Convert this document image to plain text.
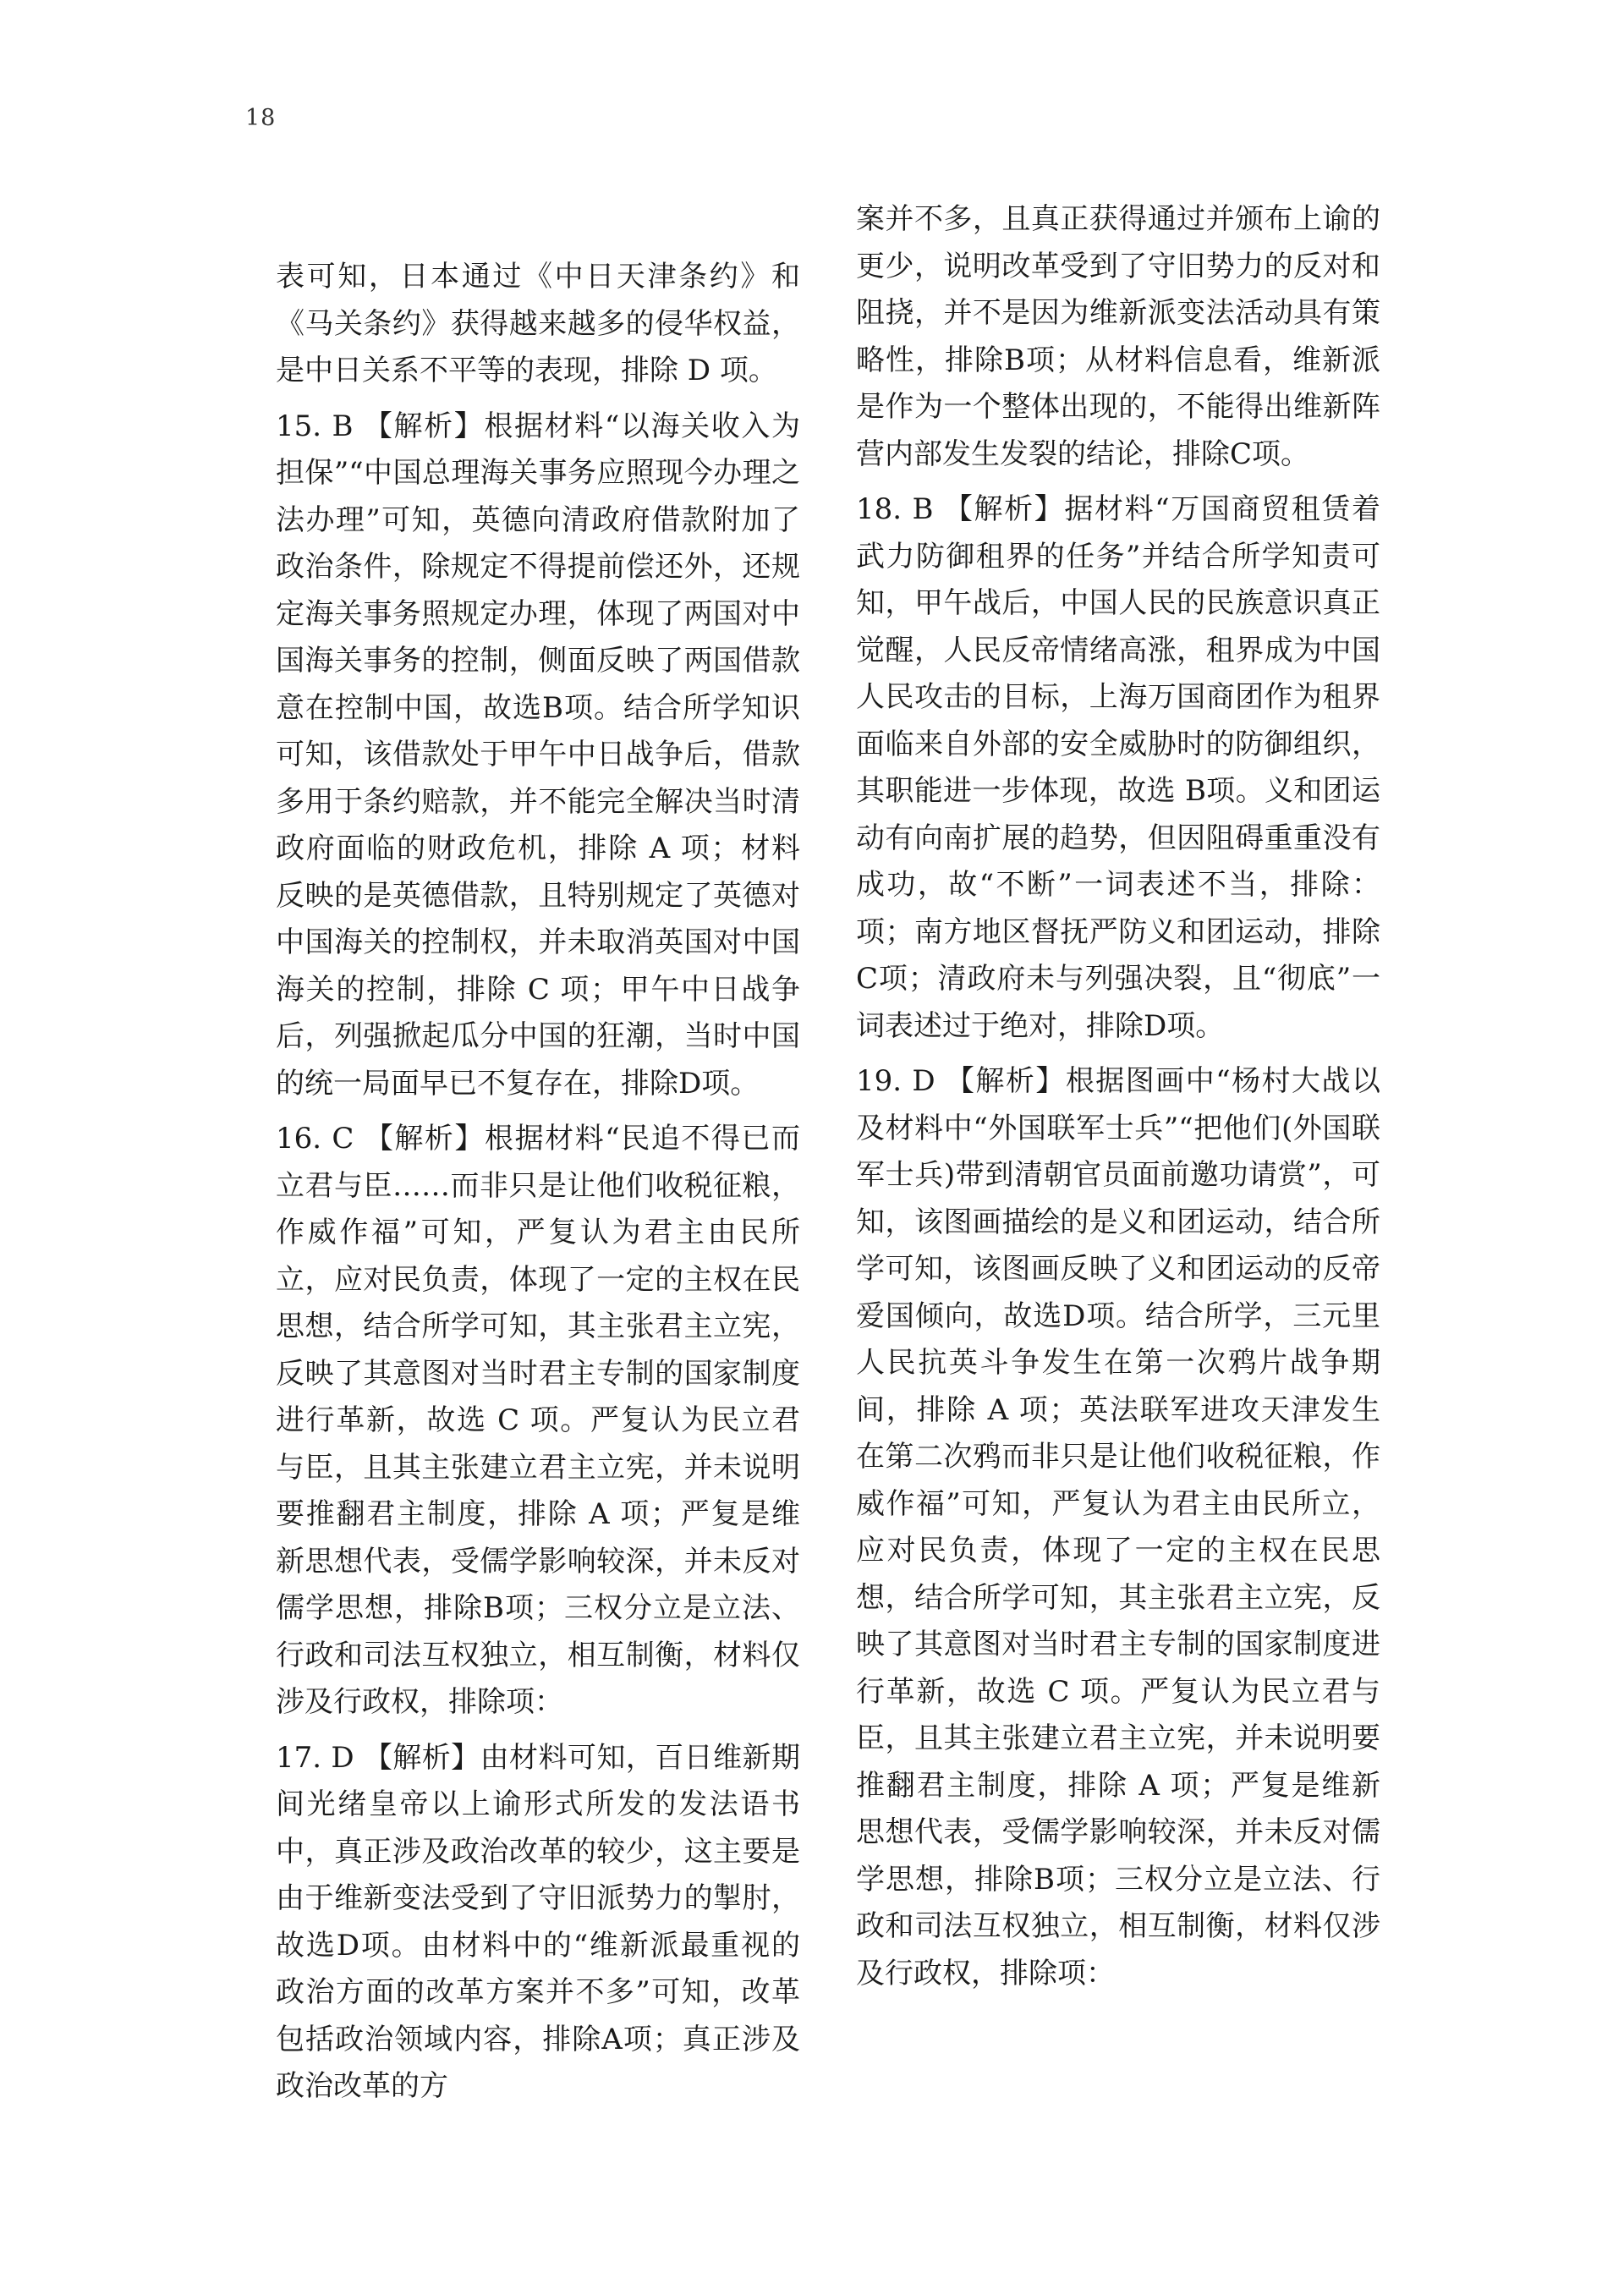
18

表可知，日本通过《中日天津条约》和《马关条约》获得越来越多的侵华权益，是中日关系不平等的表现，排除 D 项。

15. B 【解析】根据材料“以海关收入为担保”“中国总理海关事务应照现今办理之法办理”可知，英德向清政府借款附加了政治条件，除规定不得提前偿还外，还规定海关事务照规定办理，体现了两国对中国海关事务的控制，侧面反映了两国借款意在控制中国，故选B项。结合所学知识可知，该借款处于甲午中日战争后，借款多用于条约赔款，并不能完全解决当时清政府面临的财政危机，排除 A 项；材料反映的是英德借款，且特别规定了英德对中国海关的控制权，并未取消英国对中国海关的控制，排除 C 项；甲午中日战争后，列强掀起瓜分中国的狂潮，当时中国的统一局面早已不复存在，排除D项。

16. C 【解析】根据材料“民追不得已而立君与臣……而非只是让他们收税征粮，作威作福”可知，严复认为君主由民所立，应对民负责，体现了一定的主权在民思想，结合所学可知，其主张君主立宪，反映了其意图对当时君主专制的国家制度进行革新，故选 C 项。严复认为民立君与臣，且其主张建立君主立宪，并未说明要推翻君主制度，排除 A 项；严复是维新思想代表，受儒学影响较深，并未反对儒学思想，排除B项；三权分立是立法、行政和司法互权独立，相互制衡，材料仅涉及行政权，排除项：

17. D 【解析】由材料可知，百日维新期间光绪皇帝以上谕形式所发的发法语书中，真正涉及政治改革的较少，这主要是由于维新变法受到了守旧派势力的掣肘，故选D项。由材料中的“维新派最重视的政治方面的改革方案并不多”可知，改革包括政治领域内容，排除A项；真正涉及政治改革的方

案并不多，且真正获得通过并颁布上谕的更少，说明改革受到了守旧势力的反对和阻挠，并不是因为维新派变法活动具有策略性，排除B项；从材料信息看，维新派是作为一个整体出现的，不能得出维新阵营内部发生发裂的结论，排除C项。

18. B 【解析】据材料“万国商贸租赁着武力防御租界的任务”并结合所学知责可知，甲午战后，中国人民的民族意识真正觉醒，人民反帝情绪高涨，租界成为中国人民攻击的目标，上海万国商团作为租界面临来自外部的安全威胁时的防御组织，其职能进一步体现，故选 B项。义和团运动有向南扩展的趋势，但因阻碍重重没有成功，故“不断”一词表述不当，排除：项；南方地区督抚严防义和团运动，排除C项；清政府未与列强决裂，且“彻底”一词表述过于绝对，排除D项。

19. D 【解析】根据图画中“杨村大战以及材料中“外国联军士兵”“把他们(外国联军士兵)带到清朝官员面前邀功请赏”，可知，该图画描绘的是义和团运动，结合所学可知，该图画反映了义和团运动的反帝爱国倾向，故选D项。结合所学，三元里人民抗英斗争发生在第一次鸦片战争期间，排除 A 项；英法联军进攻天津发生在第二次鸦而非只是让他们收税征粮，作威作福”可知，严复认为君主由民所立，应对民负责，体现了一定的主权在民思想，结合所学可知，其主张君主立宪，反映了其意图对当时君主专制的国家制度进行革新，故选 C 项。严复认为民立君与臣，且其主张建立君主立宪，并未说明要推翻君主制度，排除 A 项；严复是维新思想代表，受儒学影响较深，并未反对儒学思想，排除B项；三权分立是立法、行政和司法互权独立，相互制衡，材料仅涉及行政权，排除项：
